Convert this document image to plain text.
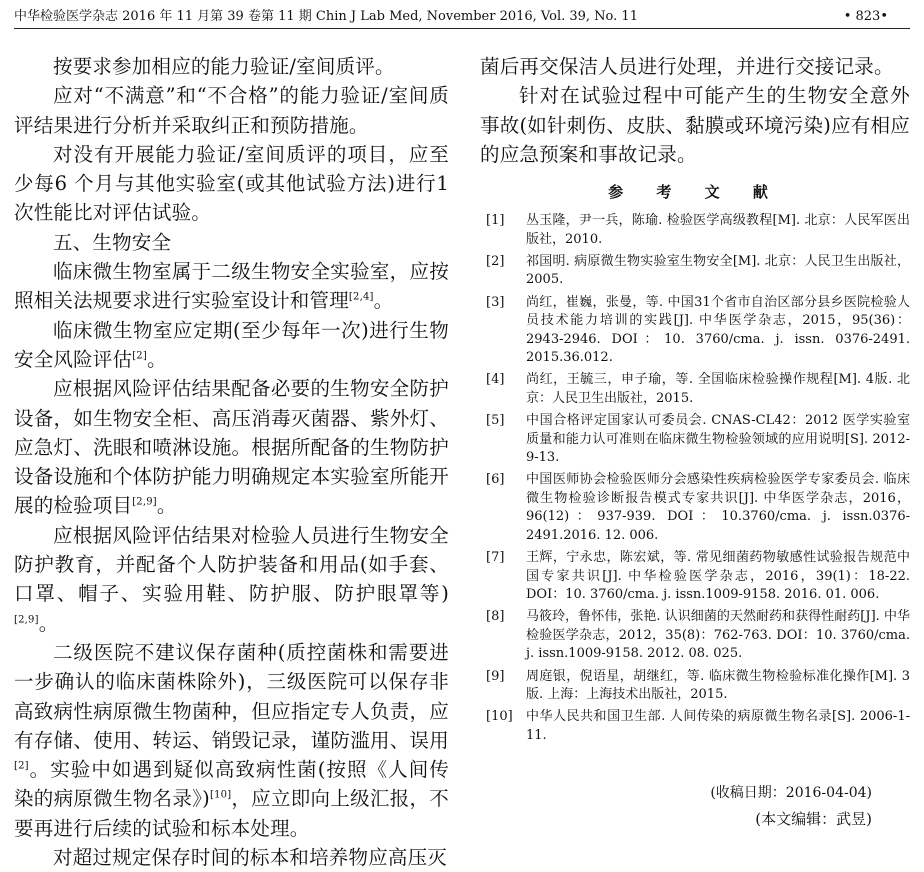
中华检验医学杂志 2016 年 11 月第 39 卷第 11 期 Chin J Lab Med, November 2016, Vol. 39, No. 11	• 823•

按要求参加相应的能力验证/室间质评。

应对“不满意”和“不合格”的能力验证/室间质评结果进行分析并采取纠正和预防措施。

对没有开展能力验证/室间质评的项目，应至少每6 个月与其他实验室(或其他试验方法)进行1 次性能比对评估试验。

五、生物安全

临床微生物室属于二级生物安全实验室，应按照相关法规要求进行实验室设计和管理[2,4]。

临床微生物室应定期(至少每年一次)进行生物安全风险评估[2]。

应根据风险评估结果配备必要的生物安全防护设备，如生物安全柜、高压消毒灭菌器、紫外灯、应急灯、洗眼和喷淋设施。根据所配备的生物防护设备设施和个体防护能力明确规定本实验室所能开展的检验项目[2,9]。

应根据风险评估结果对检验人员进行生物安全防护教育，并配备个人防护装备和用品(如手套、口罩、帽子、实验用鞋、防护服、防护眼罩等)[2,9]。

二级医院不建议保存菌种(质控菌株和需要进一步确认的临床菌株除外)，三级医院可以保存非高致病性病原微生物菌种，但应指定专人负责，应有存储、使用、转运、销毁记录，谨防滥用、误用[2]。实验中如遇到疑似高致病性菌(按照《人间传染的病原微生物名录》)[10]，应立即向上级汇报，不要再进行后续的试验和标本处理。

对超过规定保存时间的标本和培养物应高压灭

菌后再交保洁人员进行处理，并进行交接记录。

针对在试验过程中可能产生的生物安全意外事故(如针刺伤、皮肤、黏膜或环境污染)应有相应的应急预案和事故记录。

参 考 文 献
[1]	丛玉隆，尹一兵，陈瑜. 检验医学高级教程[M]. 北京：人民军医出版社，2010.
[2]	祁国明. 病原微生物实验室生物安全[M]. 北京：人民卫生出版社，2005.
[3]	尚红，崔巍，张曼，等. 中国31个省市自治区部分县乡医院检验人员技术能力培训的实践[J]. 中华医学杂志，2015，95(36)：2943-2946. DOI：10. 3760/cma. j. issn. 0376-2491. 2015.36.012.
[4]	尚红，王毓三，申子瑜，等. 全国临床检验操作规程[M]. 4版. 北京：人民卫生出版社，2015.
[5]	中国合格评定国家认可委员会. CNAS-CL42：2012 医学实验室质量和能力认可准则在临床微生物检验领域的应用说明[S]. 2012-9-13.
[6]	中国医师协会检验医师分会感染性疾病检验医学专家委员会. 临床微生物检验诊断报告模式专家共识[J]. 中华医学杂志，2016，96(12)：937-939. DOI：10.3760/cma. j. issn.0376-2491.2016. 12. 006.
[7]	王辉，宁永忠，陈宏斌，等. 常见细菌药物敏感性试验报告规范中国专家共识[J]. 中华检验医学杂志，2016，39(1)：18-22. DOI：10. 3760/cma. j. issn.1009-9158. 2016. 01. 006.
[8]	马筱玲，鲁怀伟，张艳. 认识细菌的天然耐药和获得性耐药[J]. 中华检验医学杂志，2012，35(8)：762-763. DOI：10. 3760/cma. j. issn.1009-9158. 2012. 08. 025.
[9]	周庭银，倪语星，胡继红，等. 临床微生物检验标准化操作[M]. 3版. 上海：上海技术出版社，2015.
[10]	中华人民共和国卫生部. 人间传染的病原微生物名录[S]. 2006-1-11.
(收稿日期：2016-04-04)
(本文编辑：武昱)
